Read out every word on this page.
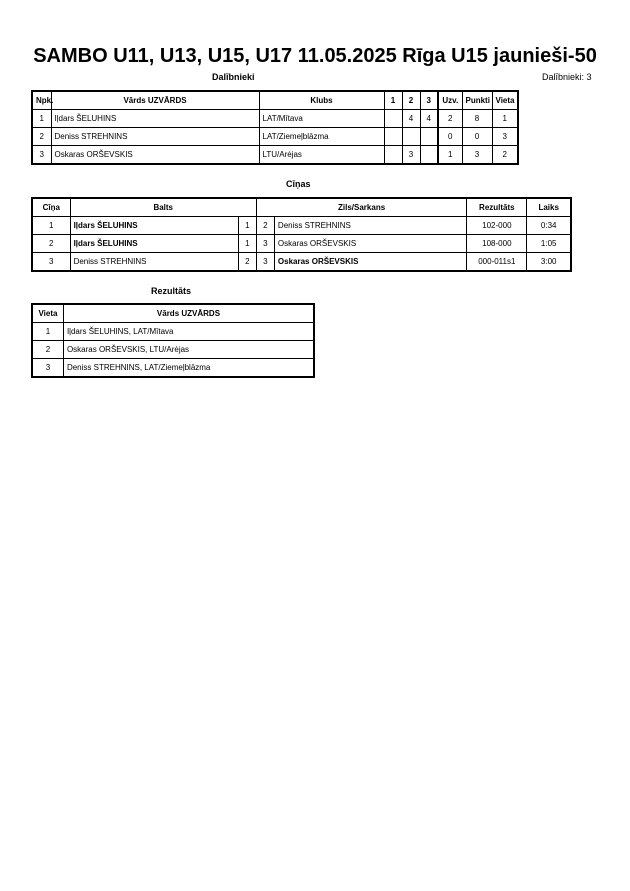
SAMBO U11, U13, U15, U17 11.05.2025 Rīga U15 jaunieši-50
Dalībnieki	Dalībnieki: 3
Npk.	Vārds UZVĀRDS	Klubs	1	2	3	Uzv.	Punkti	Vieta
1	Iļdars ŠELUHINS	LAT/Mītava		4	4	2	8	1
2	Deniss STREHNINS	LAT/Ziemeļblāzma				0	0	3
3	Oskaras ORŠEVSKIS	LTU/Arėjas		3		1	3	2
Cīņas
Cīņa	Balts		Zils/Sarkans		Rezultāts	Laiks
1	Iļdars ŠELUHINS	1	2	Deniss STREHNINS	102-000	0:34
2	Iļdars ŠELUHINS	1	3	Oskaras ORŠEVSKIS	108-000	1:05
3	Deniss STREHNINS	2	3	Oskaras ORŠEVSKIS	000-011s1	3:00
Rezultāts
Vieta	Vārds UZVĀRDS
1	Iļdars ŠELUHINS, LAT/Mītava
2	Oskaras ORŠEVSKIS, LTU/Arėjas
3	Deniss STREHNINS, LAT/Ziemeļblāzma
